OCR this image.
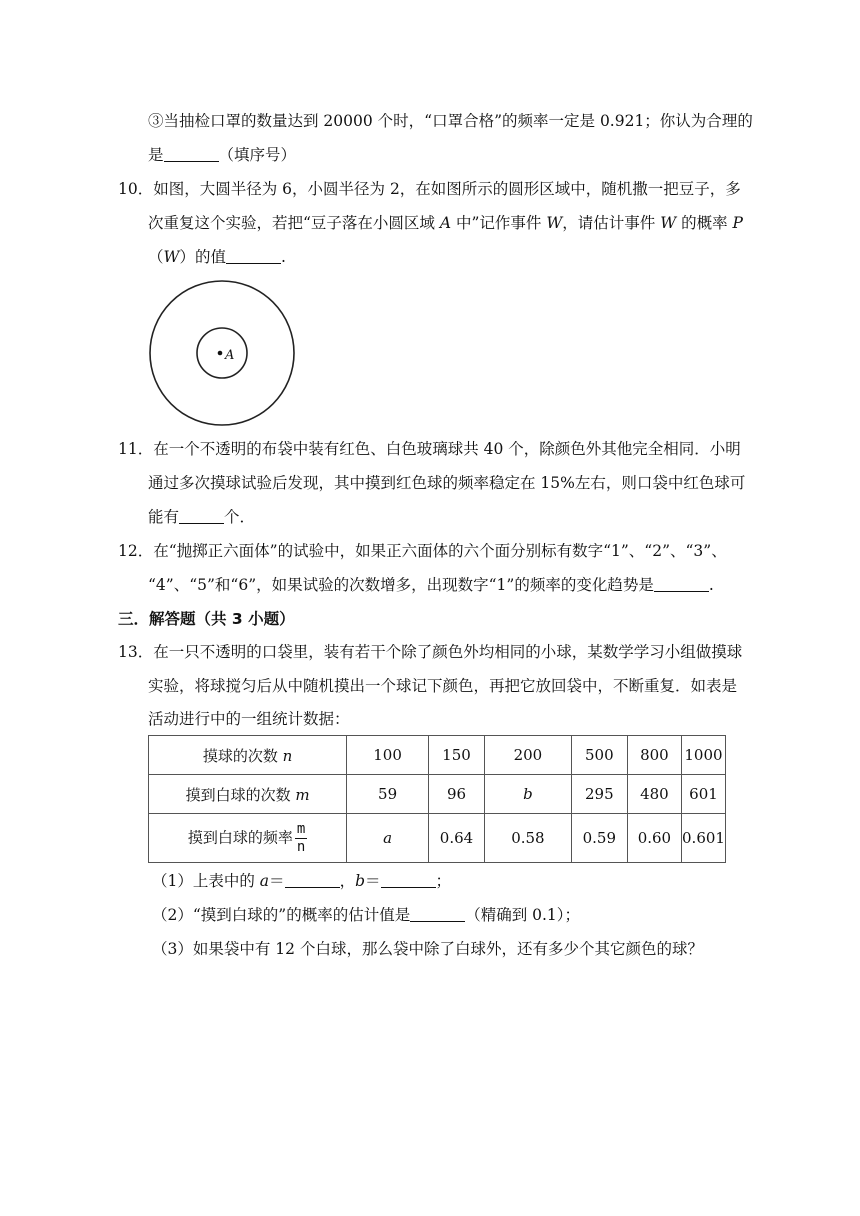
③当抽检口罩的数量达到 20000 个时，“口罩合格”的频率一定是 0.921；你认为合理的
是	（填序号）
10．如图，大圆半径为 6，小圆半径为 2，在如图所示的圆形区域中，随机撒一把豆子，多
次重复这个实验，若把“豆子落在小圆区域 A 中”记作事件 W，请估计事件 W 的概率 P
（W）的值	.
A
11．在一个不透明的布袋中装有红色、白色玻璃球共 40 个，除颜色外其他完全相同．小明
通过多次摸球试验后发现，其中摸到红色球的频率稳定在 15%左右，则口袋中红色球可
能有	个．
12．在“抛掷正六面体”的试验中，如果正六面体的六个面分别标有数字“1”、“2”、“3”、
“4”、“5”和“6”，如果试验的次数增多，出现数字“1”的频率的变化趋势是	.
三．解答题（共 3 小题）
13．在一只不透明的口袋里，装有若干个除了颜色外均相同的小球，某数学学习小组做摸球
实验，将球搅匀后从中随机摸出一个球记下颜色，再把它放回袋中，不断重复．如表是
活动进行中的一组统计数据：
摸球的次数 n	100	150	200	500	800	1000
摸到白球的次数 m	59	96	b	295	480	601
摸到白球的频率 $\frac{m}{n}$	a	0.64	0.58	0.59	0.60	0.601
（1）上表中的 a＝	，b＝	；
（2）“摸到白球的”的概率的估计值是	（精确到 0.1）；
（3）如果袋中有 12 个白球，那么袋中除了白球外，还有多少个其它颜色的球？
